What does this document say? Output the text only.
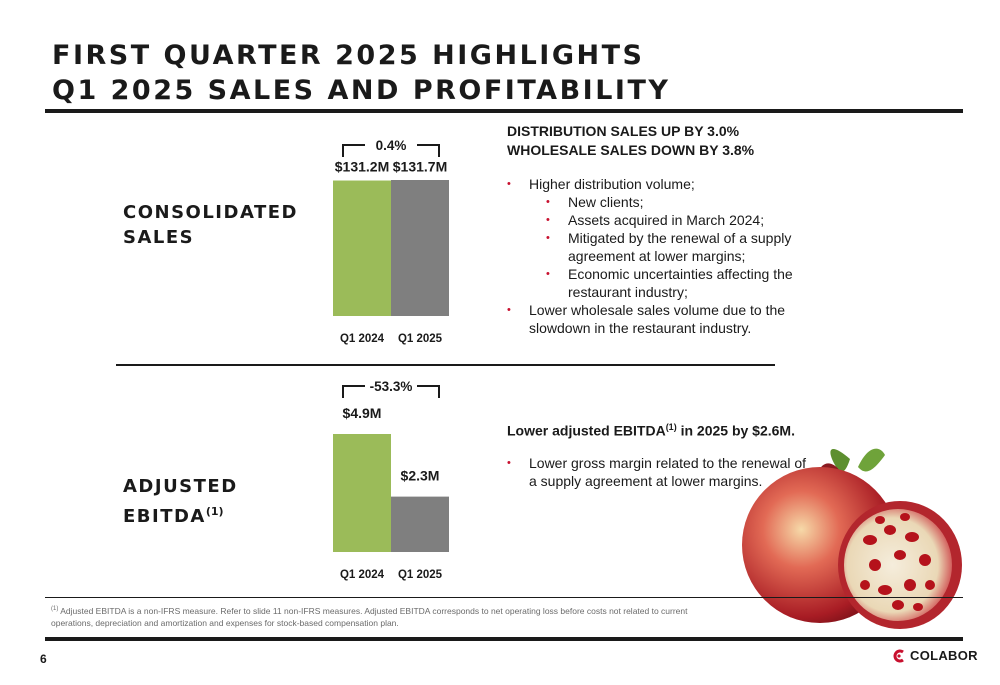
FIRST QUARTER 2025 HIGHLIGHTS
Q1 2025 SALES AND PROFITABILITY
CONSOLIDATED
SALES
ADJUSTED
EBITDA$^{(1)}$
Q1 2024 Q1 2025
$131.2M $131.7M
0.4%
Q1 2024 Q1 2025
$4.9M
$2.3M
-53.3%
DISTRIBUTION SALES UP BY 3.0%
WHOLESALE SALES DOWN BY 3.8%
• Higher distribution volume;
• New clients;
• Assets acquired in March 2024;
• Mitigated by the renewal of a supply agreement at lower margins;
• Economic uncertainties affecting the restaurant industry;
• Lower wholesale sales volume due to the slowdown in the restaurant industry.
Lower adjusted EBITDA$^{(1)}$ in 2025 by $2.6M.
• Lower gross margin related to the renewal of a supply agreement at lower margins.
$^{(1)}$ Adjusted EBITDA is a non-IFRS measure. Refer to slide 11 non-IFRS measures. Adjusted EBITDA corresponds to net operating loss before costs not related to current operations, depreciation and amortization and expenses for stock-based compensation plan.
6	COLABOR
